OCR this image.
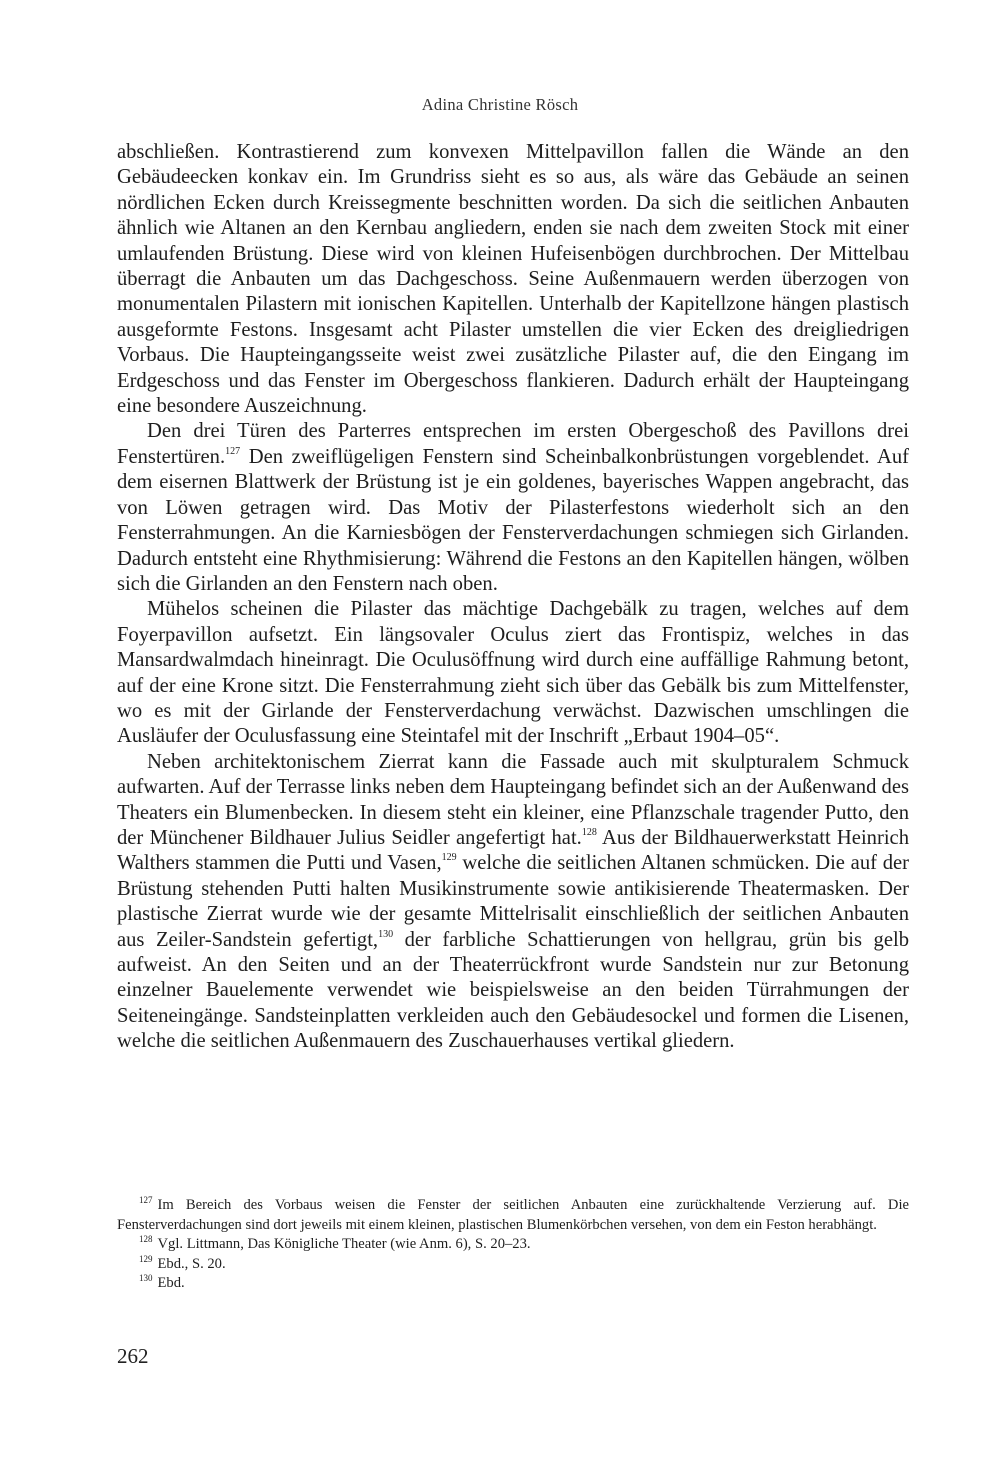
Adina Christine Rösch

abschließen. Kontrastierend zum konvexen Mittelpavillon fallen die Wände an den Gebäudeecken konkav ein. Im Grundriss sieht es so aus, als wäre das Gebäude an seinen nördlichen Ecken durch Kreissegmente beschnitten worden. Da sich die seitlichen Anbauten ähnlich wie Altanen an den Kernbau angliedern, enden sie nach dem zweiten Stock mit einer umlaufenden Brüstung. Diese wird von kleinen Hufeisenbögen durchbrochen. Der Mittelbau überragt die Anbauten um das Dachgeschoss. Seine Außenmauern werden überzogen von monumentalen Pilastern mit ionischen Kapitellen. Unterhalb der Kapitellzone hängen plastisch ausgeformte Festons. Insgesamt acht Pilaster umstellen die vier Ecken des dreigliedrigen Vorbaus. Die Haupteingangsseite weist zwei zusätzliche Pilaster auf, die den Eingang im Erdgeschoss und das Fenster im Obergeschoss flankieren. Dadurch erhält der Haupteingang eine besondere Auszeichnung.

Den drei Türen des Parterres entsprechen im ersten Obergeschoß des Pavillons drei Fenstertüren.$^{127}$ Den zweiflügeligen Fenstern sind Scheinbalkonbrüstungen vorgeblendet. Auf dem eisernen Blattwerk der Brüstung ist je ein goldenes, bayerisches Wappen angebracht, das von Löwen getragen wird. Das Motiv der Pilasterfestons wiederholt sich an den Fensterrahmungen. An die Karniesbögen der Fensterverdachungen schmiegen sich Girlanden. Dadurch entsteht eine Rhythmisierung: Während die Festons an den Kapitellen hängen, wölben sich die Girlanden an den Fenstern nach oben.

Mühelos scheinen die Pilaster das mächtige Dachgebälk zu tragen, welches auf dem Foyerpavillon aufsetzt. Ein längsovaler Oculus ziert das Frontispiz, welches in das Mansardwalmdach hineinragt. Die Oculusöffnung wird durch eine auffällige Rahmung betont, auf der eine Krone sitzt. Die Fensterrahmung zieht sich über das Gebälk bis zum Mittelfenster, wo es mit der Girlande der Fensterverdachung verwächst. Dazwischen umschlingen die Ausläufer der Oculusfassung eine Steintafel mit der Inschrift „Erbaut 1904–05“.

Neben architektonischem Zierrat kann die Fassade auch mit skulpturalem Schmuck aufwarten. Auf der Terrasse links neben dem Haupteingang befindet sich an der Außenwand des Theaters ein Blumenbecken. In diesem steht ein kleiner, eine Pflanzschale tragender Putto, den der Münchener Bildhauer Julius Seidler angefertigt hat.$^{128}$ Aus der Bildhauerwerkstatt Heinrich Walthers stammen die Putti und Vasen,$^{129}$ welche die seitlichen Altanen schmücken. Die auf der Brüstung stehenden Putti halten Musikinstrumente sowie antikisierende Theatermasken. Der plastische Zierrat wurde wie der gesamte Mittelrisalit einschließlich der seitlichen Anbauten aus Zeiler-Sandstein gefertigt,$^{130}$ der farbliche Schattierungen von hellgrau, grün bis gelb aufweist. An den Seiten und an der Theaterrückfront wurde Sandstein nur zur Betonung einzelner Bauelemente verwendet wie beispielsweise an den beiden Türrahmungen der Seiteneingänge. Sandsteinplatten verkleiden auch den Gebäudesockel und formen die Lisenen, welche die seitlichen Außenmauern des Zuschauerhauses vertikal gliedern.

$^{127}$ Im Bereich des Vorbaus weisen die Fenster der seitlichen Anbauten eine zurückhaltende Verzierung auf. Die Fensterverdachungen sind dort jeweils mit einem kleinen, plastischen Blumenkörbchen versehen, von dem ein Feston herabhängt.

$^{128}$ Vgl. Littmann, Das Königliche Theater (wie Anm. 6), S. 20–23.

$^{129}$ Ebd., S. 20.

$^{130}$ Ebd.

262
